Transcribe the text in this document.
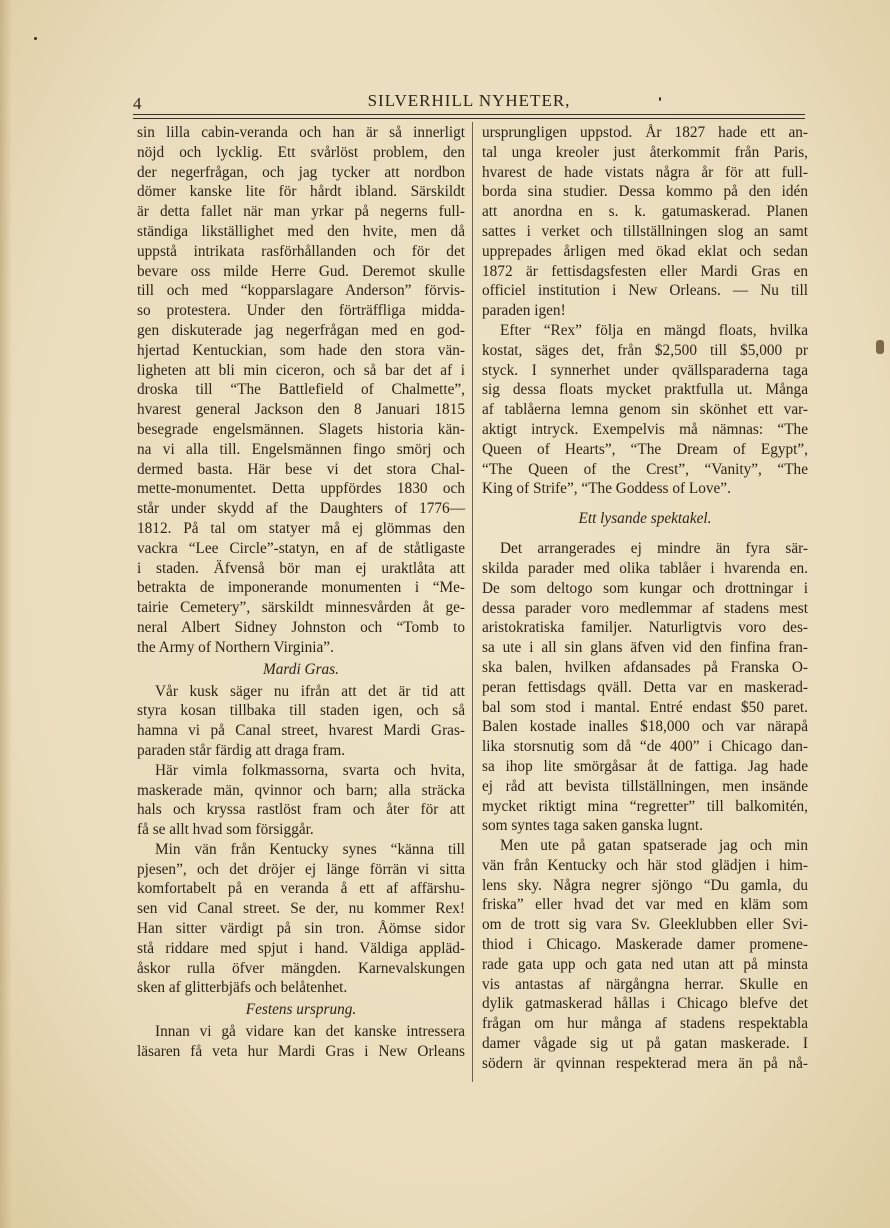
4	SILVERHILL NYHETER,
sin lilla cabin-veranda och han är så innerligt
nöjd och lycklig. Ett svårlöst problem, den
der negerfrågan, och jag tycker att nordbon
dömer kanske lite för hårdt ibland. Särskildt
är detta fallet när man yrkar på negerns full-
ständiga likställighet med den hvite, men då
uppstå intrikata rasförhållanden och för det
bevare oss milde Herre Gud. Deremot skulle
till och med “kopparslagare Anderson” förvis-
so protestera. Under den förträffliga midda-
gen diskuterade jag negerfrågan med en god-
hjertad Kentuckian, som hade den stora vän-
ligheten att bli min ciceron, och så bar det af i
droska till “The Battlefield of Chalmette”,
hvarest general Jackson den 8 Januari 1815
besegrade engelsmännen. Slagets historia kän-
na vi alla till. Engelsmännen fingo smörj och
dermed basta. Här bese vi det stora Chal-
mette-monumentet. Detta uppfördes 1830 och
står under skydd af the Daughters of 1776—
1812. På tal om statyer må ej glömmas den
vackra “Lee Circle”-statyn, en af de ståtligaste
i staden. Äfvenså bör man ej uraktlåta att
betrakta de imponerande monumenten i “Me-
tairie Cemetery”, särskildt minnesvården åt ge-
neral Albert Sidney Johnston och “Tomb to
the Army of Northern Virginia”.
Mardi Gras.
Vår kusk säger nu ifrån att det är tid att
styra kosan tillbaka till staden igen, och så
hamna vi på Canal street, hvarest Mardi Gras-
paraden står färdig att draga fram.
Här vimla folkmassorna, svarta och hvita,
maskerade män, qvinnor och barn; alla sträcka
hals och kryssa rastlöst fram och åter för att
få se allt hvad som försiggår.
Min vän från Kentucky synes “känna till
pjesen”, och det dröjer ej länge förrän vi sitta
komfortabelt på en veranda å ett af affärshu-
sen vid Canal street. Se der, nu kommer Rex!
Han sitter värdigt på sin tron. Åömse sidor
stå riddare med spjut i hand. Väldiga appläd-
åskor rulla öfver mängden. Karnevalskungen
sken af glitterbjäfs och belåtenhet.
Festens ursprung.
Innan vi gå vidare kan det kanske intressera
läsaren få veta hur Mardi Gras i New Orleans
ursprungligen uppstod. År 1827 hade ett an-
tal unga kreoler just återkommit från Paris,
hvarest de hade vistats några år för att full-
borda sina studier. Dessa kommo på den idén
att anordna en s. k. gatumaskerad. Planen
sattes i verket och tillställningen slog an samt
upprepades årligen med ökad eklat och sedan
1872 är fettisdagsfesten eller Mardi Gras en
officiel institution i New Orleans. — Nu till
paraden igen!
Efter “Rex” följa en mängd floats, hvilka
kostat, säges det, från $2,500 till $5,000 pr
styck. I synnerhet under qvällsparaderna taga
sig dessa floats mycket praktfulla ut. Många
af tablåerna lemna genom sin skönhet ett var-
aktigt intryck. Exempelvis må nämnas: “The
Queen of Hearts”, “The Dream of Egypt”,
“The Queen of the Crest”, “Vanity”, “The
King of Strife”, “The Goddess of Love”.
Ett lysande spektakel.
Det arrangerades ej mindre än fyra sär-
skilda parader med olika tablåer i hvarenda en.
De som deltogo som kungar och drottningar i
dessa parader voro medlemmar af stadens mest
aristokratiska familjer. Naturligtvis voro des-
sa ute i all sin glans äfven vid den finfina fran-
ska balen, hvilken afdansades på Franska O-
peran fettisdags qväll. Detta var en maskerad-
bal som stod i mantal. Entré endast $50 paret.
Balen kostade inalles $18,000 och var närapå
lika storsnutig som då “de 400” i Chicago dan-
sa ihop lite smörgåsar åt de fattiga. Jag hade
ej råd att bevista tillställningen, men insände
mycket riktigt mina “regretter” till balkomitén,
som syntes taga saken ganska lugnt.
Men ute på gatan spatserade jag och min
vän från Kentucky och här stod glädjen i him-
lens sky. Några negrer sjöngo “Du gamla, du
friska” eller hvad det var med en kläm som
om de trott sig vara Sv. Gleeklubben eller Svi-
thiod i Chicago. Maskerade damer promene-
rade gata upp och gata ned utan att på minsta
vis antastas af närgångna herrar. Skulle en
dylik gatmaskerad hållas i Chicago blefve det
frågan om hur många af stadens respektabla
damer vågade sig ut på gatan maskerade. I
södern är qvinnan respekterad mera än på nå-
